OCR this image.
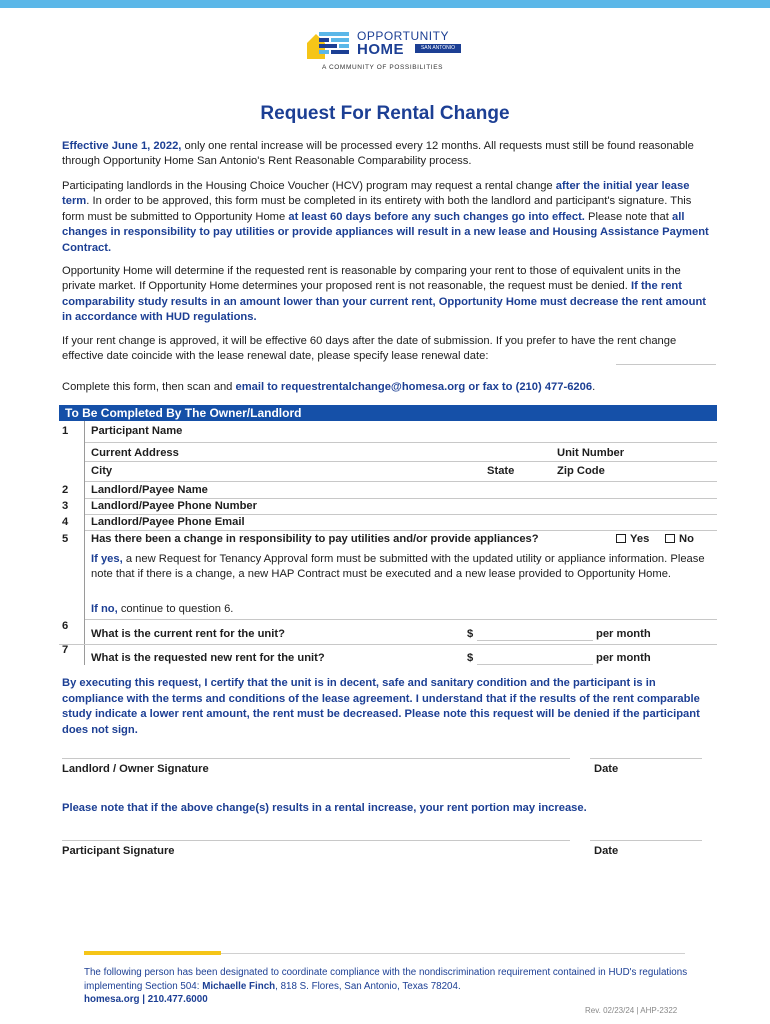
OPPORTUNITY
HOME	SAN ANTONIO
A COMMUNITY OF POSSIBILITIES
Request For Rental Change
Effective June 1, 2022, only one rental increase will be processed every 12 months. All requests must still be found reasonable through Opportunity Home San Antonio's Rent Reasonable Comparability process.
Participating landlords in the Housing Choice Voucher (HCV) program may request a rental change after the initial year lease term. In order to be approved, this form must be completed in its entirety with both the landlord and participant's signature. This form must be submitted to Opportunity Home at least 60 days before any such changes go into effect. Please note that all changes in responsibility to pay utilities or provide appliances will result in a new lease and Housing Assistance Payment Contract.
Opportunity Home will determine if the requested rent is reasonable by comparing your rent to those of equivalent units in the private market. If Opportunity Home determines your proposed rent is not reasonable, the request must be denied. If the rent comparability study results in an amount lower than your current rent, Opportunity Home must decrease the rent amount in accordance with HUD regulations.
If your rent change is approved, it will be effective 60 days after the date of submission. If you prefer to have the rent change effective date coincide with the lease renewal date, please specify lease renewal date:
Complete this form, then scan and email to requestrentalchange@homesa.org or fax to (210) 477-6206.
To Be Completed By The Owner/Landlord
1 Participant Name
Current Address	Unit Number
City	State	Zip Code
2 Landlord/Payee Name
3 Landlord/Payee Phone Number
4 Landlord/Payee Phone Email
5 Has there been a change in responsibility to pay utilities and/or provide appliances?	Yes	No
If yes, a new Request for Tenancy Approval form must be submitted with the updated utility or appliance information. Please note that if there is a change, a new HAP Contract must be executed and a new lease provided to Opportunity Home.
If no, continue to question 6.
6
What is the current rent for the unit?	$	per month
7
What is the requested new rent for the unit?	$	per month
By executing this request, I certify that the unit is in decent, safe and sanitary condition and the participant is in compliance with the terms and conditions of the lease agreement. I understand that if the results of the rent comparable study indicate a lower rent amount, the rent must be decreased. Please note this request will be denied if the participant does not sign.
Landlord / Owner Signature	Date
Please note that if the above change(s) results in a rental increase, your rent portion may increase.
Participant Signature	Date
The following person has been designated to coordinate compliance with the nondiscrimination requirement contained in HUD's regulations implementing Section 504: Michaelle Finch, 818 S. Flores, San Antonio, Texas 78204.
homesa.org | 210.477.6000
Rev. 02/23/24 | AHP-2322
